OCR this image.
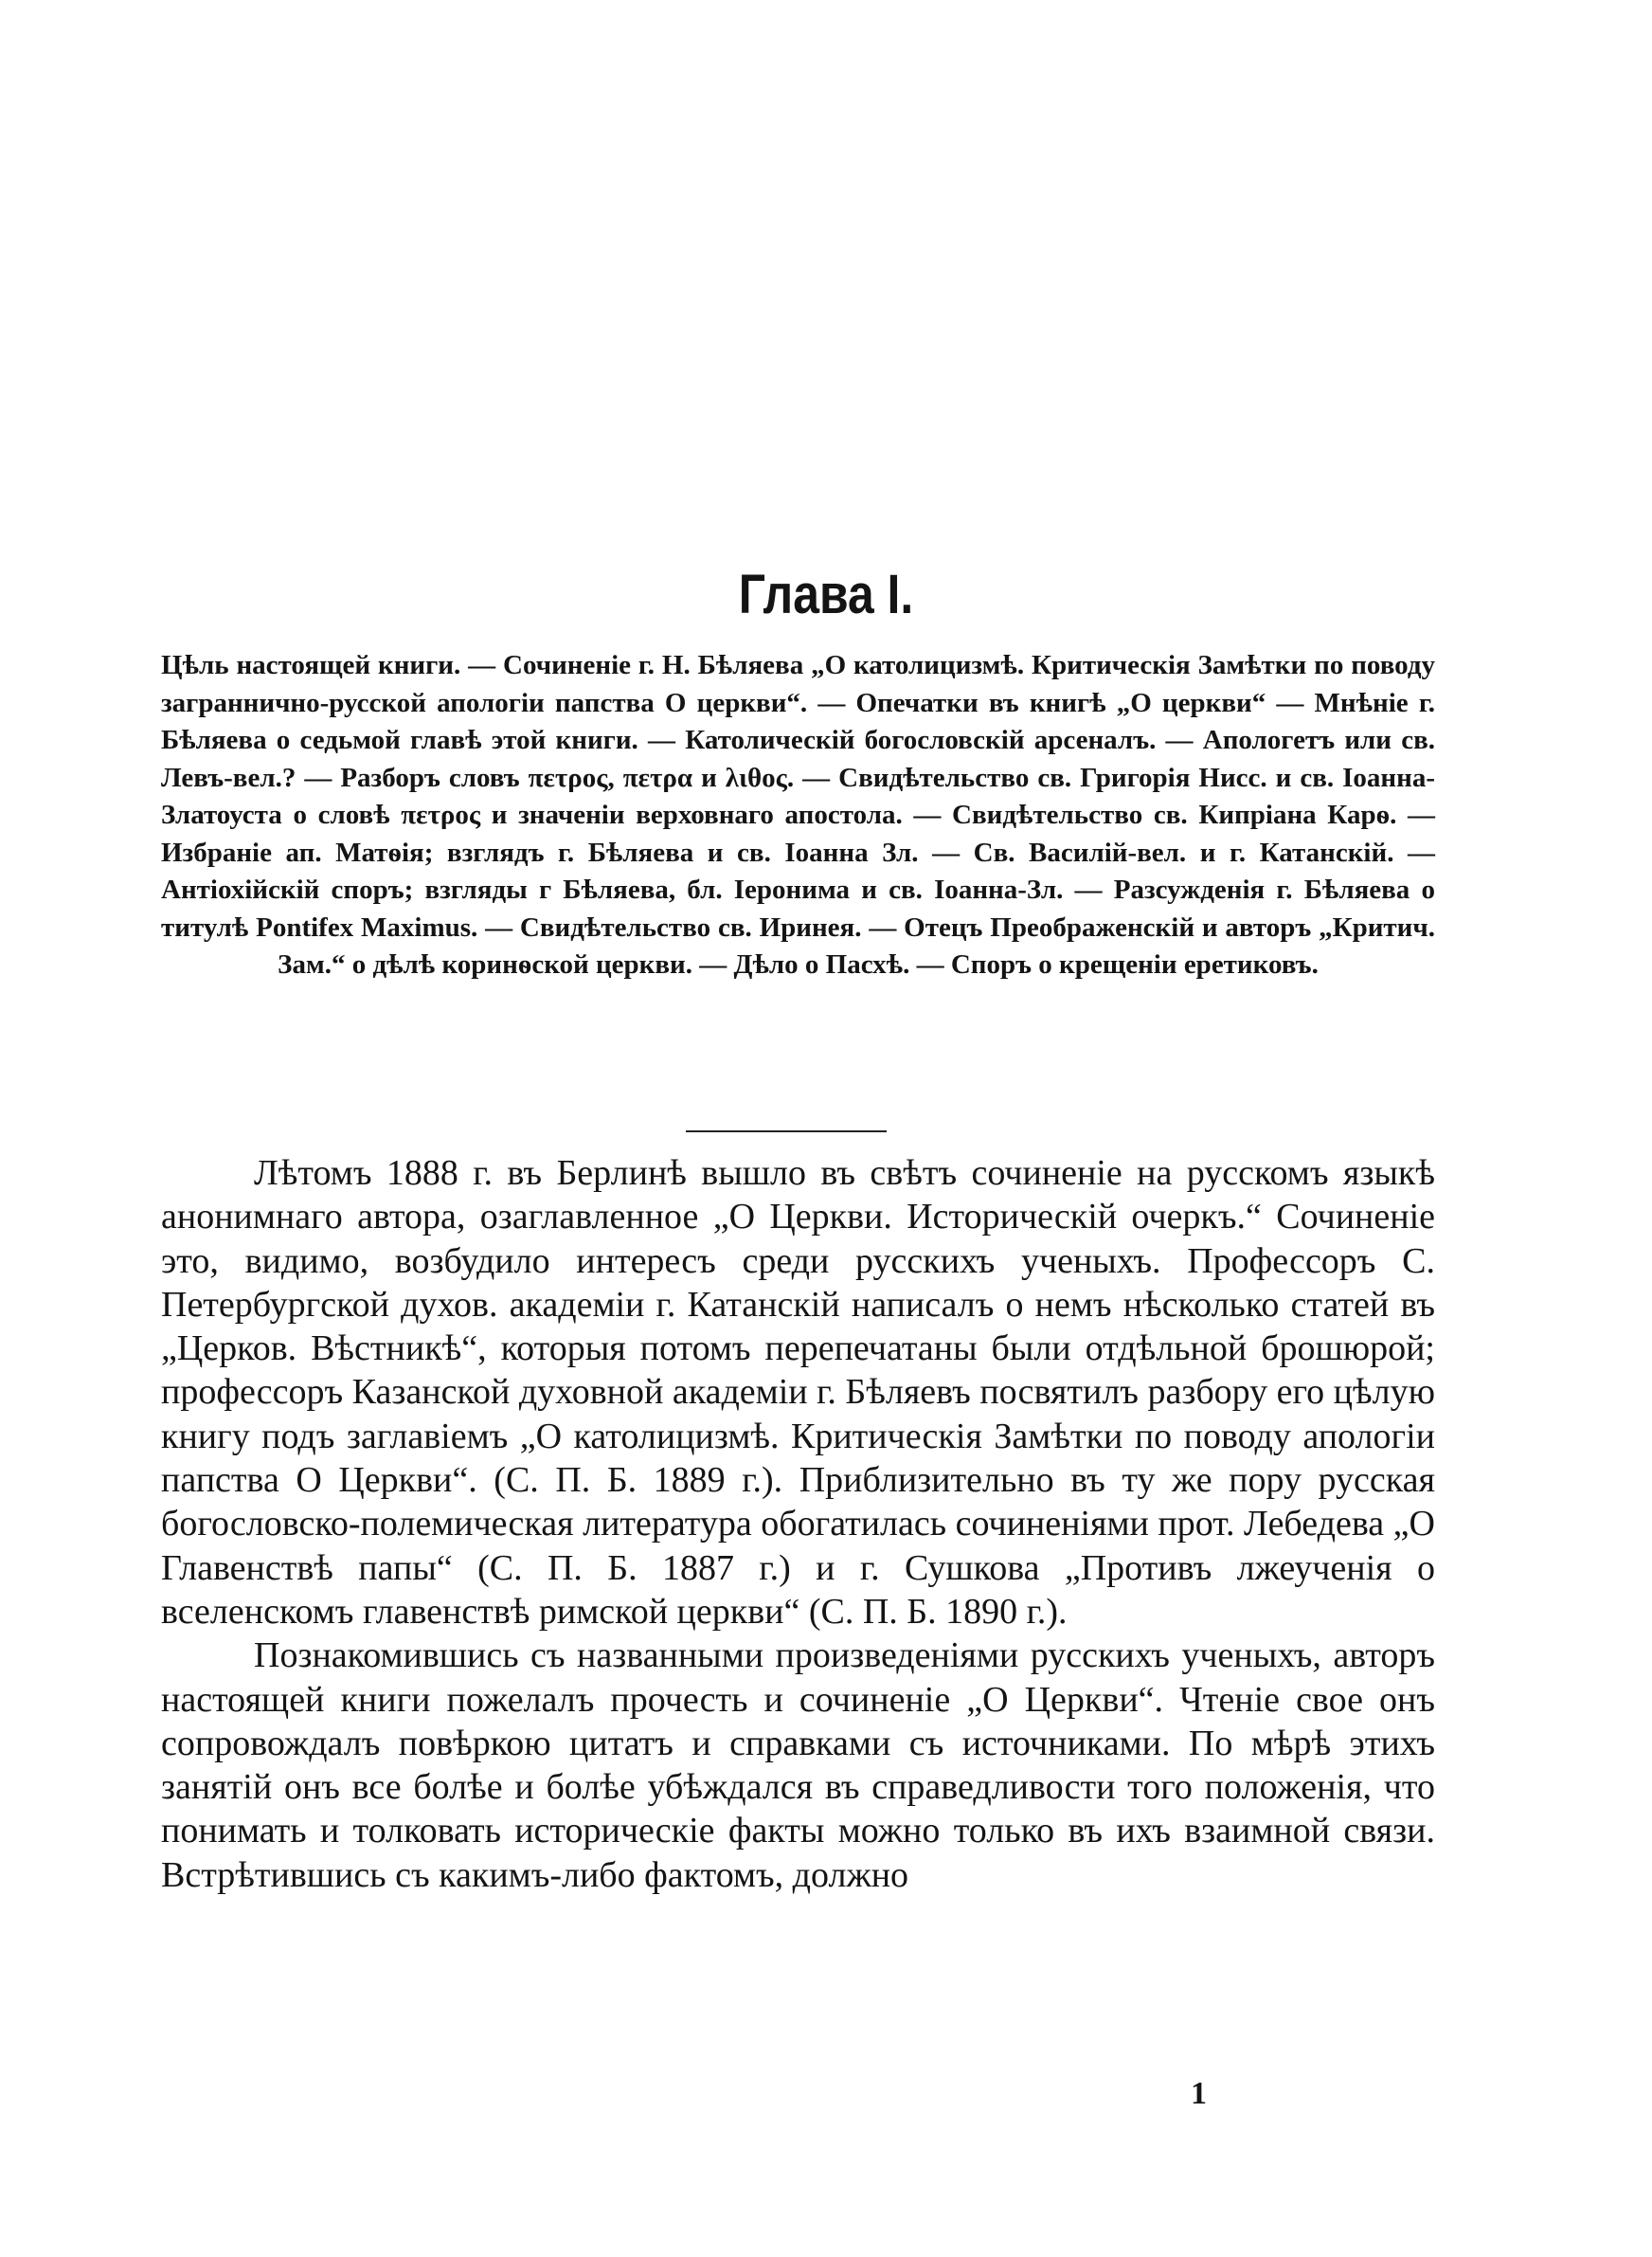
Глава I.

Цѣль настоящей книги. — Сочиненіе г. Н. Бѣляева „О католицизмѣ. Критическія Замѣтки по поводу заграннично-русской апологіи папства О церкви“. — Опечатки въ книгѣ „О церкви“ — Мнѣніе г. Бѣляева о седьмой главѣ этой книги. — Католическій богословскій арсеналъ. — Апологетъ или св. Левъ-вел.? — Разборъ словъ πετρος, πετρα и λιθος. — Свидѣтельство св. Григорія Нисс. и св. Іоанна-Златоуста о словѣ πετρος и значеніи верховнаго апостола. — Свидѣтельство св. Кипріана Карѳ. — Избраніе ап. Матѳія; взглядъ г. Бѣляева и св. Іоанна Зл. — Св. Василій-вел. и г. Катанскій. — Антіохійскій споръ; взгляды г Бѣляева, бл. Іеронима и св. Іоанна-Зл. — Разсужденія г. Бѣляева о титулѣ Pontifex Maximus. — Свидѣтельство св. Иринея. — Отецъ Преображенскій и авторъ „Критич. Зам.“ о дѣлѣ коринѳской церкви. — Дѣло о Пасхѣ. — Споръ о крещеніи еретиковъ.

Лѣтомъ 1888 г. въ Берлинѣ вышло въ свѣтъ сочиненіе на русскомъ языкѣ анонимнаго автора, озаглавленное „О Церкви. Историческій очеркъ.“ Сочиненіе это, видимо, возбудило интересъ среди русскихъ ученыхъ. Профессоръ С. Петербургской духов. академіи г. Катанскій написалъ о немъ нѣсколько статей въ „Церков. Вѣстникѣ“, которыя потомъ перепечатаны были отдѣльной брошюрой; профессоръ Казанской духовной академіи г. Бѣляевъ посвятилъ разбору его цѣлую книгу подъ заглавіемъ „О католицизмѣ. Критическія Замѣтки по поводу апологіи папства О Церкви“. (С. П. Б. 1889 г.). Приблизительно въ ту же пору русская богословско-полемическая литература обогатилась сочиненіями прот. Лебедева „О Главенствѣ папы“ (С. П. Б. 1887 г.) и г. Сушкова „Противъ лжеученія о вселенскомъ главенствѣ римской церкви“ (С. П. Б. 1890 г.).

Познакомившись съ названными произведеніями русскихъ ученыхъ, авторъ настоящей книги пожелалъ прочесть и сочиненіе „О Церкви“. Чтеніе свое онъ сопровождалъ повѣркою цитатъ и справками съ источниками. По мѣрѣ этихъ занятій онъ все болѣе и болѣе убѣждался въ справедливости того положенія, что понимать и толковать историческіе факты можно только въ ихъ взаимной связи. Встрѣтившись съ какимъ-либо фактомъ, должно

1
